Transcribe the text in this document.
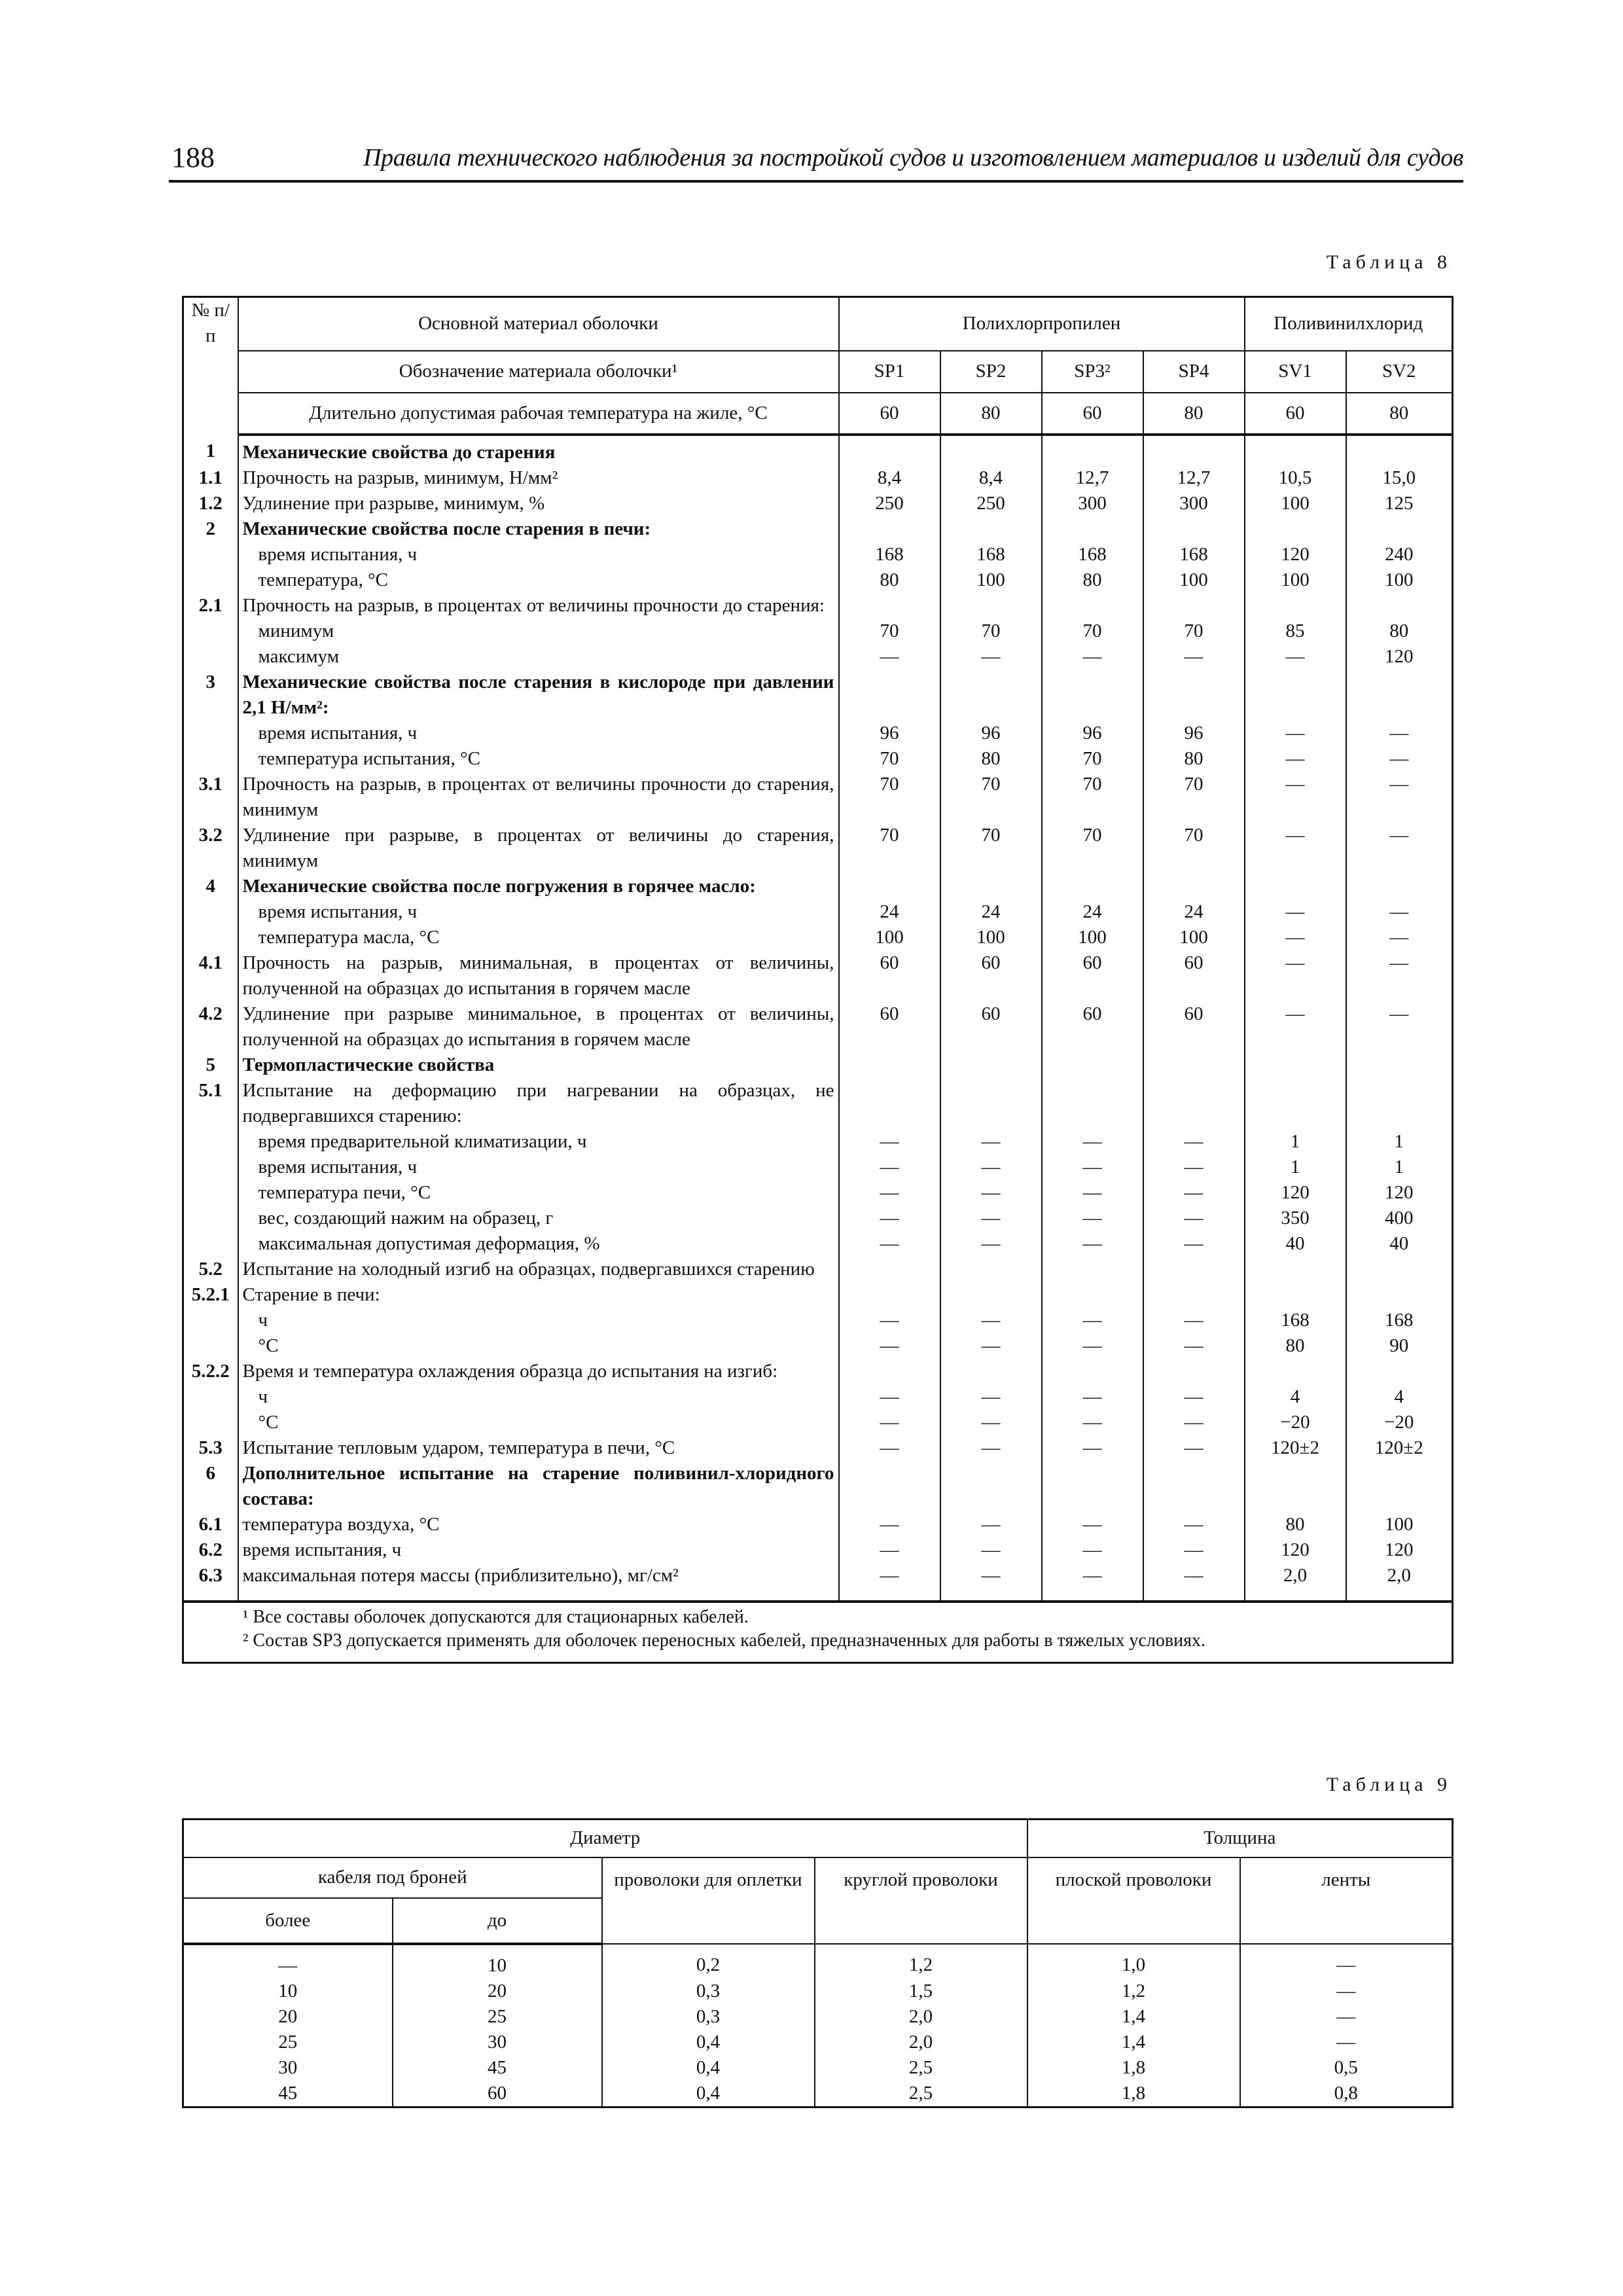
188	Правила технического наблюдения за постройкой судов и изготовлением материалов и изделий для судов
Таблица 8
№ п/п	Основной материал оболочки	Полихлорпропилен				Поливинилхлорид	
	Обозначение материала оболочки¹	SP1	SP2	SP3²	SP4	SV1	SV2
	Длительно допустимая рабочая температура на жиле, °С	60	80	60	80	60	80
1	Механические свойства до старения						
1.1	Прочность на разрыв, минимум, Н/мм²	8,4	8,4	12,7	12,7	10,5	15,0
1.2	Удлинение при разрыве, минимум, %	250	250	300	300	100	125
2	Механические свойства после старения в печи:						
	время испытания, ч	168	168	168	168	120	240
	температура, °С	80	100	80	100	100	100
2.1	Прочность на разрыв, в процентах от величины прочности до старения:						
	минимум	70	70	70	70	85	80
	максимум	—	—	—	—	—	120
3	Механические свойства после старения в кислороде при давлении 2,1 Н/мм²:						
	время испытания, ч	96	96	96	96	—	—
	температура испытания, °С	70	80	70	80	—	—
3.1	Прочность на разрыв, в процентах от величины прочности до старения, минимум	70	70	70	70	—	—
3.2	Удлинение при разрыве, в процентах от величины до старения, минимум	70	70	70	70	—	—
4	Механические свойства после погружения в горячее масло:						
	время испытания, ч	24	24	24	24	—	—
	температура масла, °С	100	100	100	100	—	—
4.1	Прочность на разрыв, минимальная, в процентах от величины, полученной на образцах до испытания в горячем масле	60	60	60	60	—	—
4.2	Удлинение при разрыве минимальное, в процентах от величины, полученной на образцах до испытания в горячем масле	60	60	60	60	—	—
5	Термопластические свойства						
5.1	Испытание на деформацию при нагревании на образцах, не подвергавшихся старению:						
	время предварительной климатизации, ч	—	—	—	—	1	1
	время испытания, ч	—	—	—	—	1	1
	температура печи, °С	—	—	—	—	120	120
	вес, создающий нажим на образец, г	—	—	—	—	350	400
	максимальная допустимая деформация, %	—	—	—	—	40	40
5.2	Испытание на холодный изгиб на образцах, подвергавшихся старению						
5.2.1	Старение в печи:						
	ч	—	—	—	—	168	168
	°С	—	—	—	—	80	90
5.2.2	Время и температура охлаждения образца до испытания на изгиб:						
	ч	—	—	—	—	4	4
	°С	—	—	—	—	−20	−20
5.3	Испытание тепловым ударом, температура в печи, °С	—	—	—	—	120±2	120±2
6	Дополнительное испытание на старение поливинил-хлоридного состава:						
6.1	температура воздуха, °С	—	—	—	—	80	100
6.2	время испытания, ч	—	—	—	—	120	120
6.3	максимальная потеря массы (приблизительно), мг/см²	—	—	—	—	2,0	2,0

¹ Все составы оболочек допускаются для стационарных кабелей.
² Состав SP3 допускается применять для оболочек переносных кабелей, предназначенных для работы в тяжелых условиях.							
Таблица 9
Диаметр				Толщина	
кабеля под броней		проволоки для оплетки	круглой проволоки	плоской проволоки	ленты
более	до				
—	10	0,2	1,2	1,0	—
10	20	0,3	1,5	1,2	—
20	25	0,3	2,0	1,4	—
25	30	0,4	2,0	1,4	—
30	45	0,4	2,5	1,8	0,5
45	60	0,4	2,5	1,8	0,8
